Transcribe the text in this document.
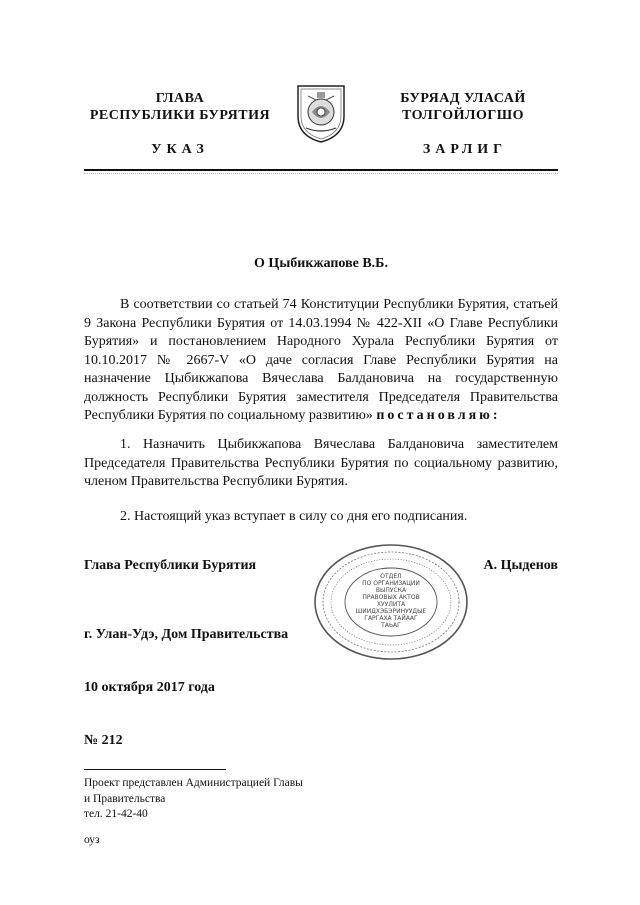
ГЛАВА
РЕСПУБЛИКИ БУРЯТИЯ
БУРЯАД УЛАСАЙ
ТОЛГОЙЛОГШО
УКАЗ	ЗАРЛИГ
О Цыбикжапове В.Б.
В соответствии со статьей 74 Конституции Республики Бурятия, статьей 9 Закона Республики Бурятия от 14.03.1994 № 422-XII «О Главе Республики Бурятия» и постановлением Народного Хурала Республики Бурятия от 10.10.2017 № 2667-V «О даче согласия Главе Республики Бурятия на назначение Цыбикжапова Вячеслава Балдановича на государственную должность Республики Бурятия заместителя Председателя Правительства Республики Бурятия по социальному развитию» постановляю:
1. Назначить Цыбикжапова Вячеслава Балдановича заместителем Председателя Правительства Республики Бурятия по социальному развитию, членом Правительства Республики Бурятия.
2. Настоящий указ вступает в силу со дня его подписания.
Глава Республики Бурятия	А. Цыденов
ОТДЕЛ
ПО ОРГАНИЗАЦИИ
ВЫПУСКА
ПРАВОВЫХ АКТОВ
ХУУЛИТА
ШИИДХЭБЭРИНУУДЫЕ
ГАРГАХА ТАЙААГ
ТАЬАГ
г. Улан-Удэ, Дом Правительства
10 октября 2017 года
№ 212
Проект представлен Администрацией Главы
и Правительства
тел. 21-42-40
оуз
